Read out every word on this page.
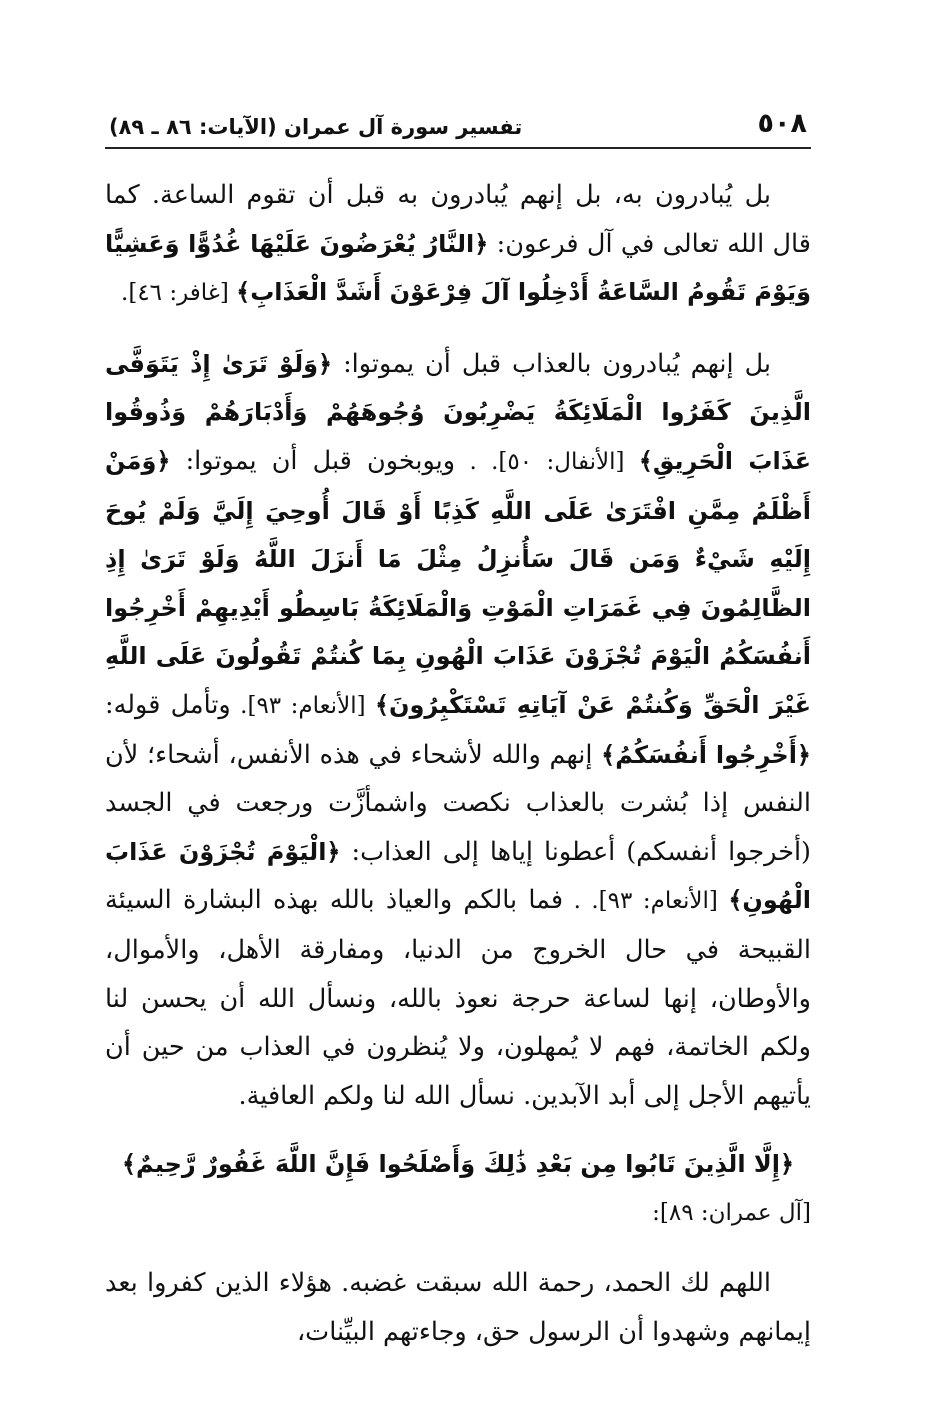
٥٠٨
تفسير سورة آل عمران (الآيات: ٨٦ ـ ٨٩)

بل يُبادرون به، بل إنهم يُبادرون به قبل أن تقوم الساعة. كما قال الله تعالى في آل فرعون: ﴿النَّارُ يُعْرَضُونَ عَلَيْهَا غُدُوًّا وَعَشِيًّا وَيَوْمَ تَقُومُ السَّاعَةُ أَدْخِلُوا آلَ فِرْعَوْنَ أَشَدَّ الْعَذَابِ﴾ [غافر: ٤٦].

بل إنهم يُبادرون بالعذاب قبل أن يموتوا: ﴿وَلَوْ تَرَىٰ إِذْ يَتَوَفَّى الَّذِينَ كَفَرُوا الْمَلَائِكَةُ يَضْرِبُونَ وُجُوهَهُمْ وَأَدْبَارَهُمْ وَذُوقُوا عَذَابَ الْحَرِيقِ﴾ [الأنفال: ٥٠]. . ويوبخون قبل أن يموتوا: ﴿وَمَنْ أَظْلَمُ مِمَّنِ افْتَرَىٰ عَلَى اللَّهِ كَذِبًا أَوْ قَالَ أُوحِيَ إِلَيَّ وَلَمْ يُوحَ إِلَيْهِ شَيْءٌ وَمَن قَالَ سَأُنزِلُ مِثْلَ مَا أَنزَلَ اللَّهُ وَلَوْ تَرَىٰ إِذِ الظَّالِمُونَ فِي غَمَرَاتِ الْمَوْتِ وَالْمَلَائِكَةُ بَاسِطُو أَيْدِيهِمْ أَخْرِجُوا أَنفُسَكُمُ الْيَوْمَ تُجْزَوْنَ عَذَابَ الْهُونِ بِمَا كُنتُمْ تَقُولُونَ عَلَى اللَّهِ غَيْرَ الْحَقِّ وَكُنتُمْ عَنْ آيَاتِهِ تَسْتَكْبِرُونَ﴾ [الأنعام: ٩٣]. وتأمل قوله: ﴿أَخْرِجُوا أَنفُسَكُمُ﴾ إنهم والله لأشحاء في هذه الأنفس، أشحاء؛ لأن النفس إذا بُشرت بالعذاب نكصت واشمأزَّت ورجعت في الجسد (أخرجوا أنفسكم) أعطونا إياها إلى العذاب: ﴿الْيَوْمَ تُجْزَوْنَ عَذَابَ الْهُونِ﴾ [الأنعام: ٩٣]. . فما بالكم والعياذ بالله بهذه البشارة السيئة القبيحة في حال الخروج من الدنيا، ومفارقة الأهل، والأموال، والأوطان، إنها لساعة حرجة نعوذ بالله، ونسأل الله أن يحسن لنا ولكم الخاتمة، فهم لا يُمهلون، ولا يُنظرون في العذاب من حين أن يأتيهم الأجل إلى أبد الآبدين. نسأل الله لنا ولكم العافية.

﴿إِلَّا الَّذِينَ تَابُوا مِن بَعْدِ ذَٰلِكَ وَأَصْلَحُوا فَإِنَّ اللَّهَ غَفُورٌ رَّحِيمٌ﴾

[آل عمران: ٨٩]:

اللهم لك الحمد، رحمة الله سبقت غضبه. هؤلاء الذين كفروا بعد إيمانهم وشهدوا أن الرسول حق، وجاءتهم البيِّنات،
